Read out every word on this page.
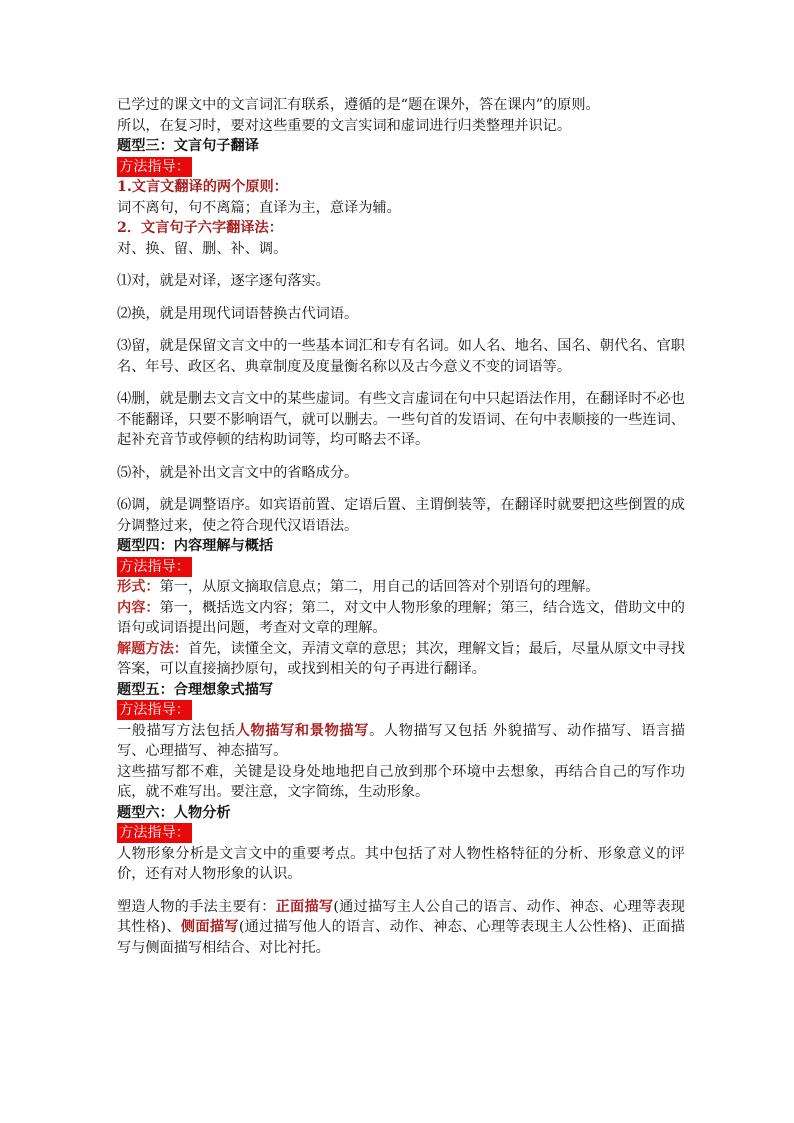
已学过的课文中的文言词汇有联系，遵循的是“题在课外，答在课内”的原则。

所以，在复习时，要对这些重要的文言实词和虚词进行归类整理并识记。

题型三：文言句子翻译

方法指导：

1.文言文翻译的两个原则：

词不离句，句不离篇；直译为主，意译为辅。

2．文言句子六字翻译法：

对、换、留、删、补、调。

⑴对，就是对译，逐字逐句落实。

⑵换，就是用现代词语替换古代词语。

⑶留，就是保留文言文中的一些基本词汇和专有名词。如人名、地名、国名、朝代名、官职名、年号、政区名、典章制度及度量衡名称以及古今意义不变的词语等。

⑷删，就是删去文言文中的某些虚词。有些文言虚词在句中只起语法作用，在翻译时不必也不能翻译，只要不影响语气，就可以删去。一些句首的发语词、在句中表顺接的一些连词、起补充音节或停顿的结构助词等，均可略去不译。

⑸补，就是补出文言文中的省略成分。

⑹调，就是调整语序。如宾语前置、定语后置、主谓倒装等，在翻译时就要把这些倒置的成分调整过来，使之符合现代汉语语法。

题型四：内容理解与概括

方法指导：

形式：第一，从原文摘取信息点；第二，用自己的话回答对个别语句的理解。

内容：第一，概括选文内容；第二，对文中人物形象的理解；第三，结合选文，借助文中的语句或词语提出问题，考查对文章的理解。

解题方法：首先，读懂全文，弄清文章的意思；其次，理解文旨；最后，尽量从原文中寻找答案，可以直接摘抄原句，或找到相关的句子再进行翻译。

题型五：合理想象式描写

方法指导：

一般描写方法包括人物描写和景物描写。人物描写又包括 外貌描写、动作描写、语言描写、心理描写、神态描写。

这些描写都不难，关键是设身处地地把自己放到那个环境中去想象，再结合自己的写作功底，就不难写出。要注意，文字简练，生动形象。

题型六：人物分析

方法指导：

人物形象分析是文言文中的重要考点。其中包括了对人物性格特征的分析、形象意义的评价，还有对人物形象的认识。

塑造人物的手法主要有：正面描写(通过描写主人公自己的语言、动作、神态、心理等表现其性格)、侧面描写(通过描写他人的语言、动作、神态、心理等表现主人公性格)、正面描写与侧面描写相结合、对比衬托。
